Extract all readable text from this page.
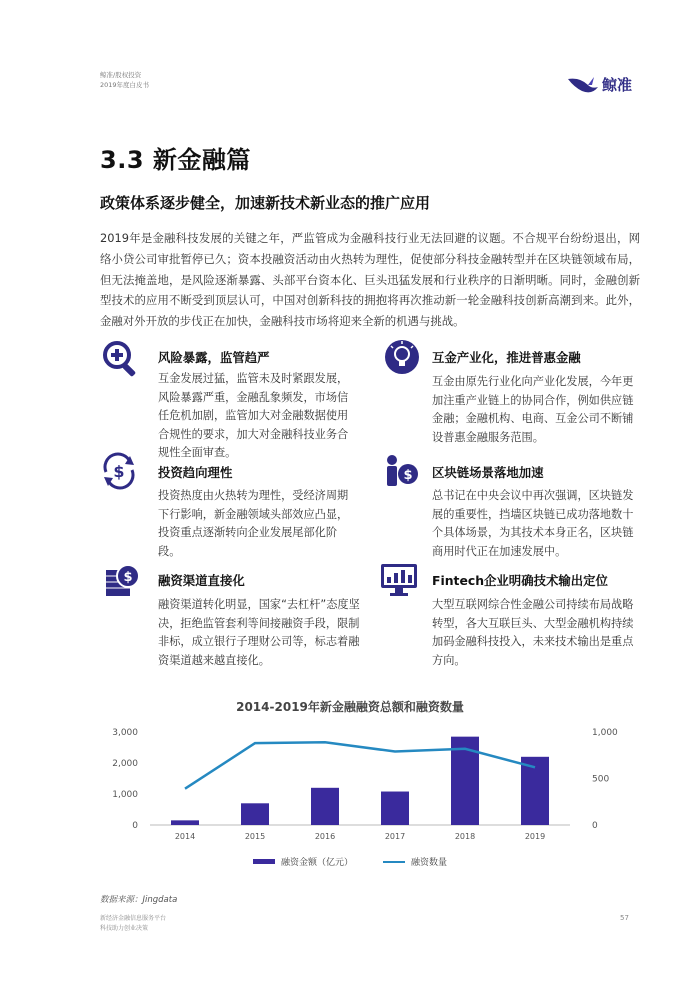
鲸准/股权投资
2019年度白皮书	鲸准
3.3 新金融篇
政策体系逐步健全，加速新技术新业态的推广应用
2019年是金融科技发展的关键之年，严监管成为金融科技行业无法回避的议题。不合规平台纷纷退出，网络小贷公司审批暂停已久；资本投融资活动由火热转为理性，促使部分科技金融转型并在区块链领域布局，但无法掩盖地，是风险逐渐暴露、头部平台资本化、巨头迅猛发展和行业秩序的日渐明晰。同时，金融创新型技术的应用不断受到顶层认可，中国对创新科技的拥抱将再次推动新一轮金融科技创新高潮到来。此外，金融对外开放的步伐正在加快，金融科技市场将迎来全新的机遇与挑战。
风险暴露，监管趋严
互金发展过猛，监管未及时紧跟发展，风险暴露严重，金融乱象频发，市场信任危机加剧，监管加大对金融数据使用合规性的要求，加大对金融科技业务合规性全面审查。
互金产业化，推进普惠金融
互金由原先行业化向产业化发展，今年更加注重产业链上的协同合作，例如供应链金融；金融机构、电商、互金公司不断铺设普惠金融服务范围。
$	投资趋向理性
投资热度由火热转为理性，受经济周期下行影响，新金融领域头部效应凸显，投资重点逐渐转向企业发展尾部化阶段。
$ 区块链场景落地加速
总书记在中央会议中再次强调，区块链发展的重要性，挡墙区块链已成功落地数十个具体场景，为其技术本身正名，区块链商用时代正在加速发展中。
$ 融资渠道直接化
融资渠道转化明显，国家“去杠杆”态度坚决，拒绝监管套利等间接融资手段，限制非标，成立银行子理财公司等，标志着融资渠道越来越直接化。
Fintech企业明确技术输出定位
大型互联网综合性金融公司持续布局战略转型，各大互联巨头、大型金融机构持续加码金融科技投入，未来技术输出是重点方向。
2014-2019年新金融融资总额和融资数量
0
1,000
2,000
3,000
0
500
1,000
2014	2015	2016	2017	2018	2019
融资金额（亿元）	融资数量
数据来源：Jingdata
新经济金融信息服务平台
科技助力创业决策
57
